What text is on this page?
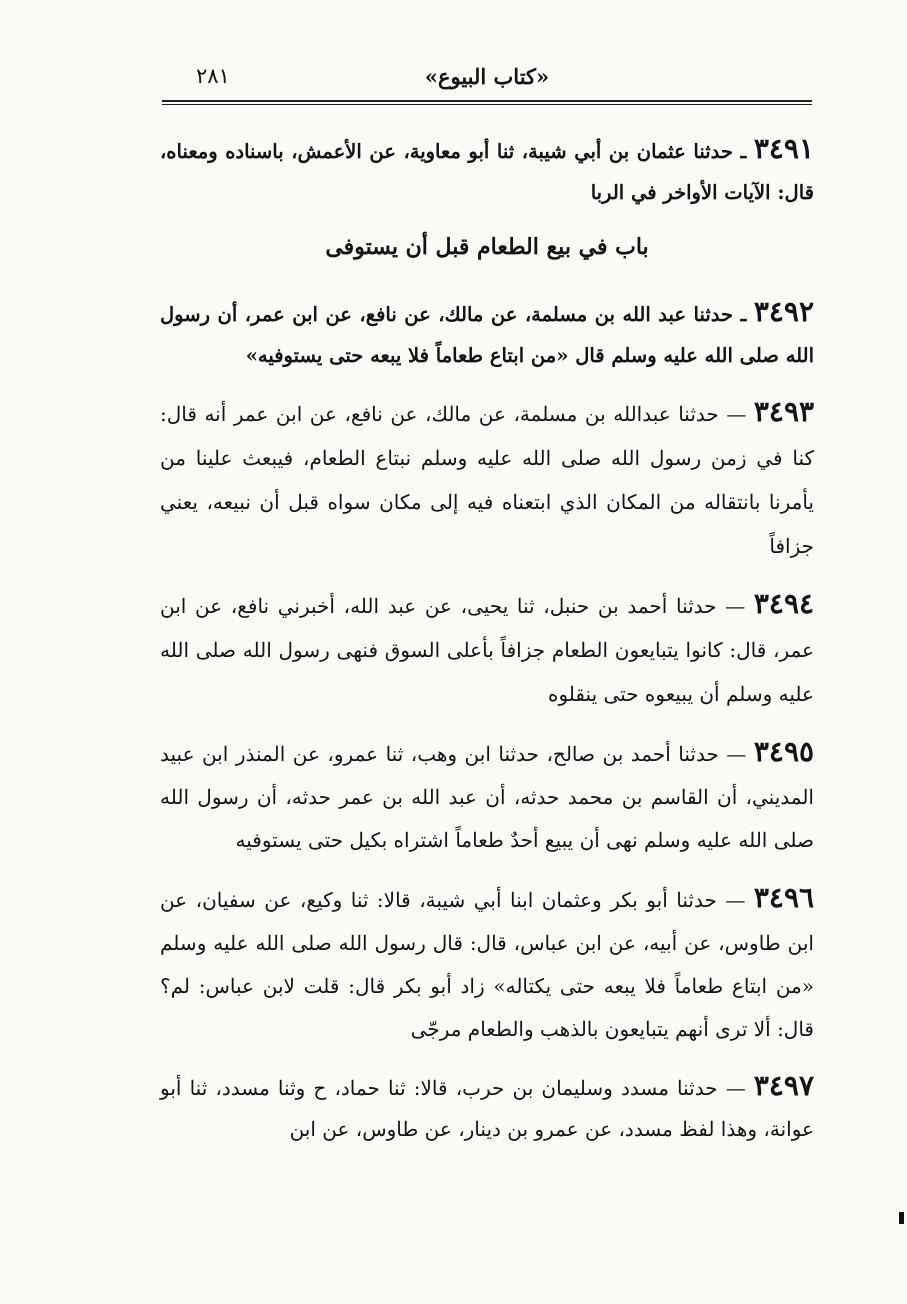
«كتاب البيوع»
٢٨١

٣٤٩١ ـ حدثنا عثمان بن أبي شيبة، ثنا أبو معاوية، عن الأعمش، باسناده ومعناه، قال: الآيات الأواخر في الربا

باب في بيع الطعام قبل أن يستوفى

٣٤٩٢ ـ حدثنا عبد الله بن مسلمة، عن مالك، عن نافع، عن ابن عمر، أن رسول الله صلى الله عليه وسلم قال «من ابتاع طعاماً فلا يبعه حتى يستوفيه»

٣٤٩٣ — حدثنا عبدالله بن مسلمة، عن مالك، عن نافع، عن ابن عمر أنه قال: كنا في زمن رسول الله صلى الله عليه وسلم نبتاع الطعام، فيبعث علينا من يأمرنا بانتقاله من المكان الذي ابتعناه فيه إلى مكان سواه قبل أن نبيعه، يعني جزافاً

٣٤٩٤ — حدثنا أحمد بن حنبل، ثنا يحيى، عن عبد الله، أخبرني نافع، عن ابن عمر، قال: كانوا يتبايعون الطعام جزافاً بأعلى السوق فنهى رسول الله صلى الله عليه وسلم أن يبيعوه حتى ينقلوه

٣٤٩٥ — حدثنا أحمد بن صالح، حدثنا ابن وهب، ثنا عمرو، عن المنذر ابن عبيد المديني، أن القاسم بن محمد حدثه، أن عبد الله بن عمر حدثه، أن رسول الله صلى الله عليه وسلم نهى أن يبيع أحدٌ طعاماً اشتراه بكيل حتى يستوفيه

٣٤٩٦ — حدثنا أبو بكر وعثمان ابنا أبي شيبة، قالا: ثنا وكيع، عن سفيان، عن ابن طاوس، عن أبيه، عن ابن عباس، قال: قال رسول الله صلى الله عليه وسلم «من ابتاع طعاماً فلا يبعه حتى يكتاله» زاد أبو بكر قال: قلت لابن عباس: لم؟ قال: ألا ترى أنهم يتبايعون بالذهب والطعام مرجّى

٣٤٩٧ — حدثنا مسدد وسليمان بن حرب، قالا: ثنا حماد، ح وثنا مسدد، ثنا أبو عوانة، وهذا لفظ مسدد، عن عمرو بن دينار، عن طاوس، عن ابن
